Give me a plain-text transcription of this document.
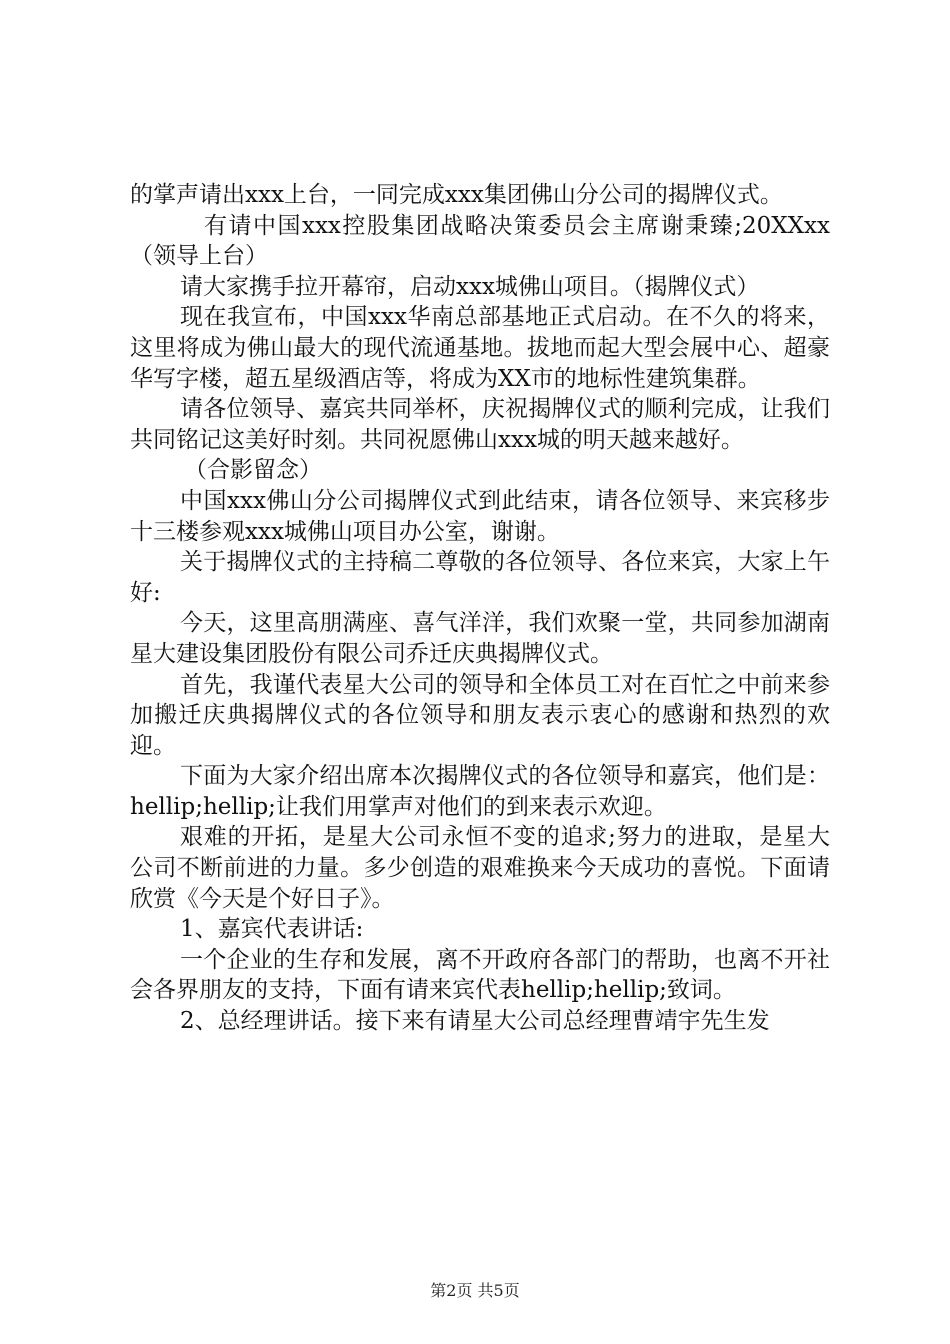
的掌声请出xxx上台，一同完成xxx集团佛山分公司的揭牌仪式。

有请中国xxx控股集团战略决策委员会主席谢秉臻;20XXxx（领导上台）

请大家携手拉开幕帘，启动xxx城佛山项目。（揭牌仪式）

现在我宣布，中国xxx华南总部基地正式启动。在不久的将来，这里将成为佛山最大的现代流通基地。拔地而起大型会展中心、超豪华写字楼，超五星级酒店等，将成为XX市的地标性建筑集群。

请各位领导、嘉宾共同举杯，庆祝揭牌仪式的顺利完成，让我们共同铭记这美好时刻。共同祝愿佛山xxx城的明天越来越好。

（合影留念）

中国xxx佛山分公司揭牌仪式到此结束，请各位领导、来宾移步十三楼参观xxx城佛山项目办公室，谢谢。

关于揭牌仪式的主持稿二尊敬的各位领导、各位来宾，大家上午好:

今天，这里高朋满座、喜气洋洋，我们欢聚一堂，共同参加湖南星大建设集团股份有限公司乔迁庆典揭牌仪式。

首先，我谨代表星大公司的领导和全体员工对在百忙之中前来参加搬迁庆典揭牌仪式的各位领导和朋友表示衷心的感谢和热烈的欢迎。

下面为大家介绍出席本次揭牌仪式的各位领导和嘉宾，他们是：hellip;hellip;让我们用掌声对他们的到来表示欢迎。

艰难的开拓，是星大公司永恒不变的追求;努力的进取，是星大公司不断前进的力量。多少创造的艰难换来今天成功的喜悦。下面请欣赏《今天是个好日子》。

1、嘉宾代表讲话:

一个企业的生存和发展，离不开政府各部门的帮助，也离不开社会各界朋友的支持，下面有请来宾代表hellip;hellip;致词。

2、总经理讲话。接下来有请星大公司总经理曹靖宇先生发

第2页 共5页
